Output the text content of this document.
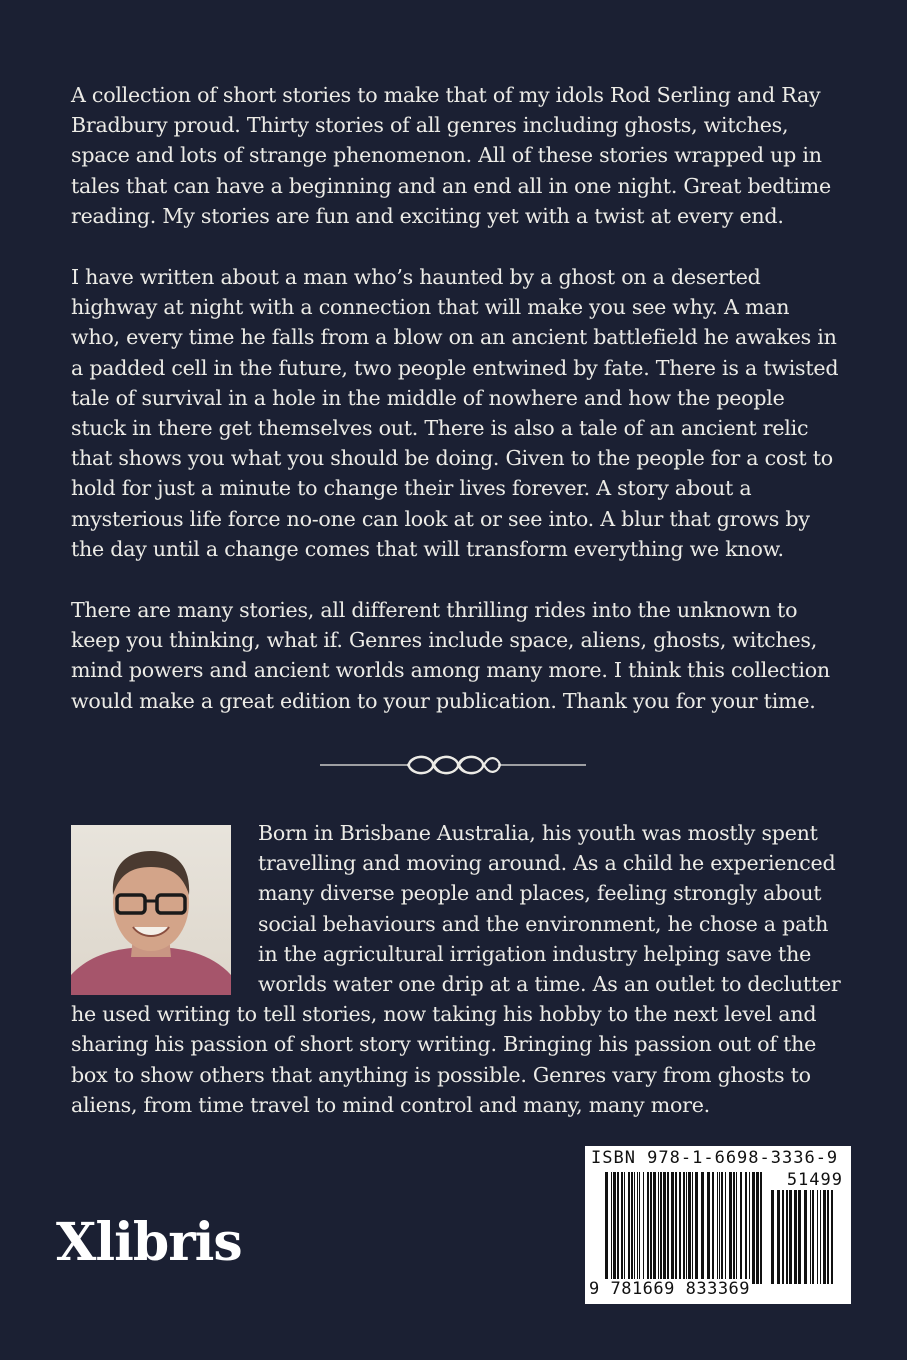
A collection of short stories to make that of my idols Rod Serling and Ray Bradbury proud. Thirty stories of all genres including ghosts, witches, space and lots of strange phenomenon. All of these stories wrapped up in tales that can have a beginning and an end all in one night. Great bedtime reading. My stories are fun and exciting yet with a twist at every end.

I have written about a man who’s haunted by a ghost on a deserted highway at night with a connection that will make you see why. A man who, every time he falls from a blow on an ancient battlefield he awakes in a padded cell in the future, two people entwined by fate. There is a twisted tale of survival in a hole in the middle of nowhere and how the people stuck in there get themselves out. There is also a tale of an ancient relic that shows you what you should be doing. Given to the people for a cost to hold for just a minute to change their lives forever. A story about a mysterious life force no-one can look at or see into. A blur that grows by the day until a change comes that will transform everything we know.

There are many stories, all different thrilling rides into the unknown to keep you thinking, what if. Genres include space, aliens, ghosts, witches, mind powers and ancient worlds among many more. I think this collection would make a great edition to your publication. Thank you for your time.

Born in Brisbane Australia, his youth was mostly spent travelling and moving around. As a child he experienced many diverse people and places, feeling strongly about social behaviours and the environment, he chose a path in the agricultural irrigation industry helping save the worlds water one drip at a time. As an outlet to declutter he used writing to tell stories, now taking his hobby to the next level and sharing his passion of short story writing. Bringing his passion out of the box to show others that anything is possible. Genres vary from ghosts to aliens, from time travel to mind control and many, many more.
Xlibris
ISBN 978-1-6698-3336-9
51499
9 781669 833369
